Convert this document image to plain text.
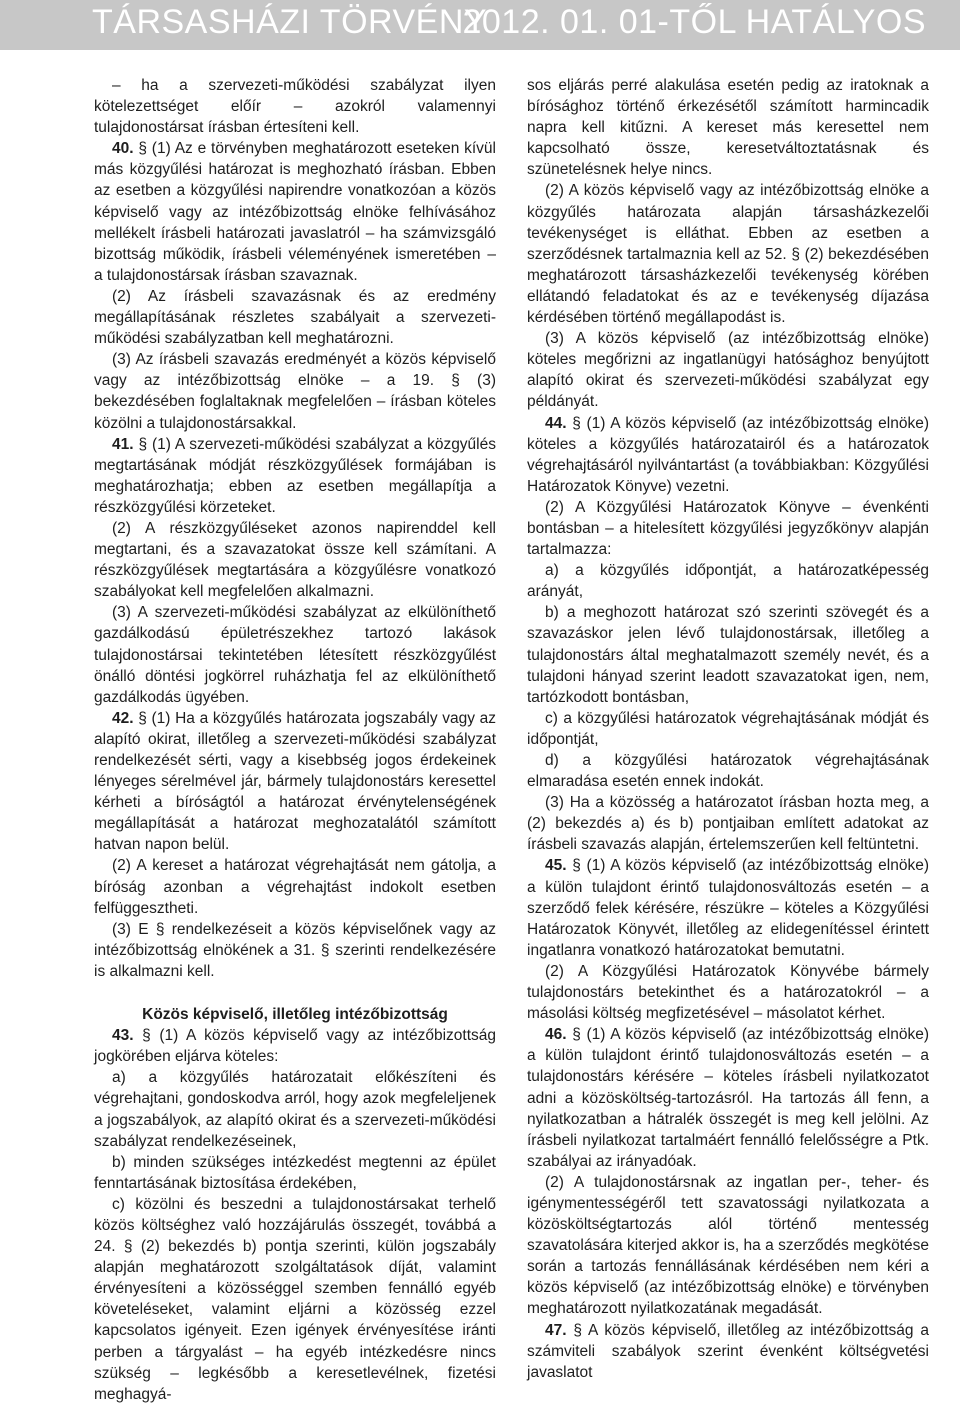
TÁRSASHÁZI TÖRVÉNY
2012. 01. 01-TŐL HATÁLYOS

– ha a szervezeti-működési szabályzat ilyen kötelezettséget előír – azokról valamennyi tulajdonostársat írásban értesíteni kell.

40. § (1) Az e törvényben meghatározott eseteken kívül más közgyűlési határozat is meghozható írásban. Ebben az esetben a közgyűlési napirendre vonatkozóan a közös képviselő vagy az intézőbizottság elnöke felhívásához mellékelt írásbeli határozati javaslatról – ha számvizsgáló bizottság működik, írásbeli véleményének ismeretében – a tulajdonostársak írásban szavaznak.

(2) Az írásbeli szavazásnak és az eredmény megállapításának részletes szabályait a szervezeti-működési szabályzatban kell meghatározni.

(3) Az írásbeli szavazás eredményét a közös képviselő vagy az intézőbizottság elnöke – a 19. § (3) bekezdésében foglaltaknak megfelelően – írásban köteles közölni a tulajdonostársakkal.

41. § (1) A szervezeti-működési szabályzat a közgyűlés megtartásának módját részközgyűlések formájában is meghatározhatja; ebben az esetben megállapítja a részközgyűlési körzeteket.

(2) A részközgyűléseket azonos napirenddel kell megtartani, és a szavazatokat össze kell számítani. A részközgyűlések megtartására a közgyűlésre vonatkozó szabályokat kell megfelelően alkalmazni.

(3) A szervezeti-működési szabályzat az elkülöníthető gazdálkodású épületrészekhez tartozó lakások tulajdonostársai tekintetében létesített részközgyűlést önálló döntési jogkörrel ruházhatja fel az elkülöníthető gazdálkodás ügyében.

42. § (1) Ha a közgyűlés határozata jogszabály vagy az alapító okirat, illetőleg a szervezeti-működési szabályzat rendelkezését sérti, vagy a kisebbség jogos érdekeinek lényeges sérelmével jár, bármely tulajdonostárs keresettel kérheti a bíróságtól a határozat érvénytelenségének megállapítását a határozat meghozatalától számított hatvan napon belül.

(2) A kereset a határozat végrehajtását nem gátolja, a bíróság azonban a végrehajtást indokolt esetben felfüggesztheti.

(3) E § rendelkezéseit a közös képviselőnek vagy az intézőbizottság elnökének a 31. § szerinti rendelkezésére is alkalmazni kell.

Közös képviselő, illetőleg intézőbizottság

43. § (1) A közös képviselő vagy az intézőbizottság jogkörében eljárva köteles:

a) a közgyűlés határozatait előkészíteni és végrehajtani, gondoskodva arról, hogy azok megfeleljenek a jogszabályok, az alapító okirat és a szervezeti-működési szabályzat rendelkezéseinek,

b) minden szükséges intézkedést megtenni az épület fenntartásának biztosítása érdekében,

c) közölni és beszedni a tulajdonostársakat terhelő közös költséghez való hozzájárulás összegét, továbbá a 24. § (2) bekezdés b) pontja szerinti, külön jogszabály alapján meghatározott szolgáltatások díját, valamint érvényesíteni a közösséggel szemben fennálló egyéb követeléseket, valamint eljárni a közösség ezzel kapcsolatos igényeit. Ezen igények érvényesítése iránti perben a tárgyalást – ha egyéb intézkedésre nincs szükség – legkésőbb a keresetlevélnek, fizetési meghagyá-

sos eljárás perré alakulása esetén pedig az iratoknak a bírósághoz történő érkezésétől számított harmincadik napra kell kitűzni. A kereset más keresettel nem kapcsolható össze, keresetváltoztatásnak és szünetelésnek helye nincs.

(2) A közös képviselő vagy az intézőbizottság elnöke a közgyűlés határozata alapján társasházkezelői tevékenységet is elláthat. Ebben az esetben a szerződésnek tartalmaznia kell az 52. § (2) bekezdésében meghatározott társasházkezelői tevékenység körében ellátandó feladatokat és az e tevékenység díjazása kérdésében történő megállapodást is.

(3) A közös képviselő (az intézőbizottság elnöke) köteles megőrizni az ingatlanügyi hatósághoz benyújtott alapító okirat és szervezeti-működési szabályzat egy példányát.

44. § (1) A közös képviselő (az intézőbizottság elnöke) köteles a közgyűlés határozatairól és a határozatok végrehajtásáról nyilvántartást (a továbbiakban: Közgyűlési Határozatok Könyve) vezetni.

(2) A Közgyűlési Határozatok Könyve – évenkénti bontásban – a hitelesített közgyűlési jegyzőkönyv alapján tartalmazza:

a) a közgyűlés időpontját, a határozatképesség arányát,

b) a meghozott határozat szó szerinti szövegét és a szavazáskor jelen lévő tulajdonostársak, illetőleg a tulajdonostárs által meghatalmazott személy nevét, és a tulajdoni hányad szerint leadott szavazatokat igen, nem, tartózkodott bontásban,

c) a közgyűlési határozatok végrehajtásának módját és időpontját,

d) a közgyűlési határozatok végrehajtásának elmaradása esetén ennek indokát.

(3) Ha a közösség a határozatot írásban hozta meg, a (2) bekezdés a) és b) pontjaiban említett adatokat az írásbeli szavazás alapján, értelemszerűen kell feltüntetni.

45. § (1) A közös képviselő (az intézőbizottság elnöke) a külön tulajdont érintő tulajdonosváltozás esetén – a szerződő felek kérésére, részükre – köteles a Közgyűlési Határozatok Könyvét, illetőleg az elidegenítéssel érintett ingatlanra vonatkozó határozatokat bemutatni.

(2) A Közgyűlési Határozatok Könyvébe bármely tulajdonostárs betekinthet és a határozatokról – a másolási költség megfizetésével – másolatot kérhet.

46. § (1) A közös képviselő (az intézőbizottság elnöke) a külön tulajdont érintő tulajdonosváltozás esetén – a tulajdonostárs kérésére – köteles írásbeli nyilatkozatot adni a közösköltség-tartozásról. Ha tartozás áll fenn, a nyilatkozatban a hátralék összegét is meg kell jelölni. Az írásbeli nyilatkozat tartalmáért fennálló felelősségre a Ptk. szabályai az irányadóak.

(2) A tulajdonostársnak az ingatlan per-, teher- és igénymentességéről tett szavatossági nyilatkozata a közösköltségtartozás alól történő mentesség szavatolására kiterjed akkor is, ha a szerződés megkötése során a tartozás fennállásának kérdésében nem kéri a közös képviselő (az intézőbizottság elnöke) e törvényben meghatározott nyilatkozatának megadását.

47. § A közös képviselő, illetőleg az intézőbizottság a számviteli szabályok szerint évenként költségvetési javaslatot
